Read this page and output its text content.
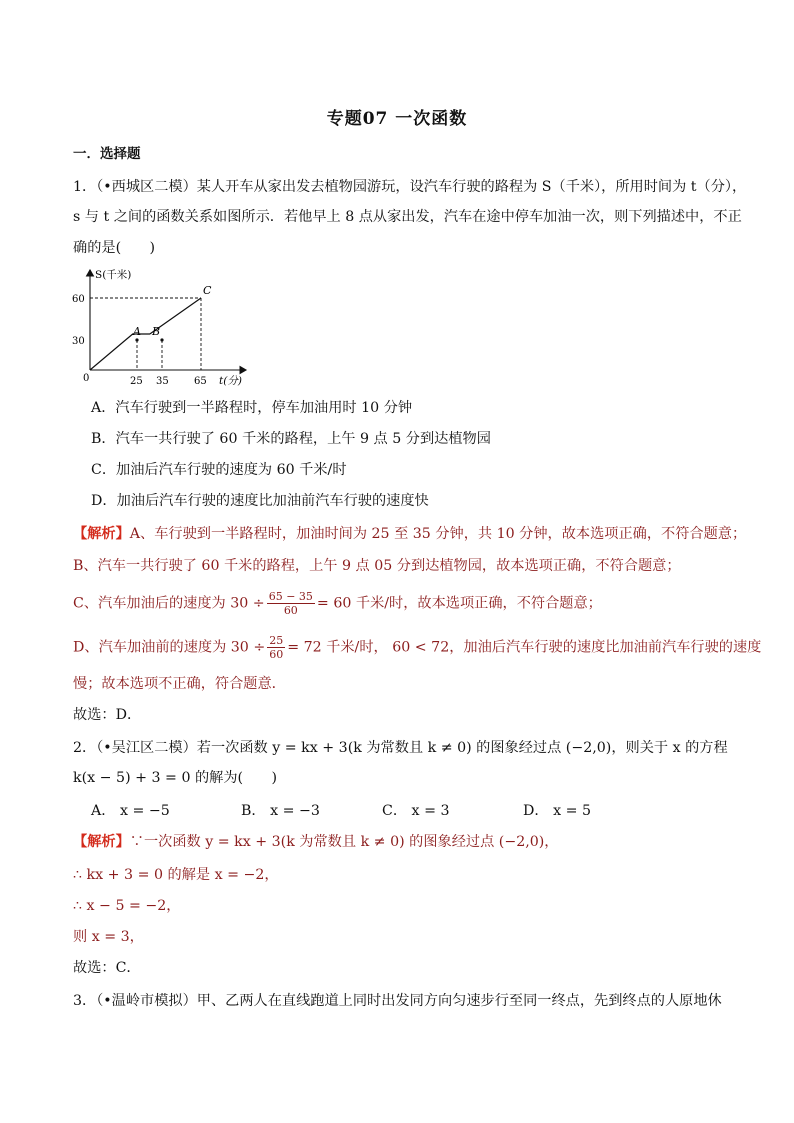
专题07 一次函数
一．选择题
1．（•西城区二模）某人开车从家出发去植物园游玩，设汽车行驶的路程为 S（千米），所用时间为 t（分），
s 与 t 之间的函数关系如图所示．若他早上 8 点从家出发，汽车在途中停车加油一次，则下列描述中，不正
确的是(　　)
S(千米)
t(分)
0
60
30
25 35	65
A B
C
A．汽车行驶到一半路程时，停车加油用时 10 分钟
B．汽车一共行驶了 60 千米的路程，上午 9 点 5 分到达植物园
C．加油后汽车行驶的速度为 60 千米/时
D．加油后汽车行驶的速度比加油前汽车行驶的速度快
【解析】A、车行驶到一半路程时，加油时间为 25 至 35 分钟，共 10 分钟，故本选项正确，不符合题意；
B、汽车一共行驶了 60 千米的路程，上午 9 点 05 分到达植物园，故本选项正确，不符合题意；
C、汽车加油后的速度为 $30 \div \frac{65 - 35}{60} = 60$ 千米/时，故本选项正确，不符合题意；
D、汽车加油前的速度为 $30 \div \frac{25}{60} = 72$ 千米/时， 60 < 72，加油后汽车行驶的速度比加油前汽车行驶的速度
慢；故本选项不正确，符合题意．
故选：D．
2．（•吴江区二模）若一次函数 y = kx + 3(k 为常数且 k ≠ 0) 的图象经过点 (−2,0)，则关于 x 的方程
k(x − 5) + 3 = 0 的解为(　　)
A． x = −5	B． x = −3	C． x = 3	D． x = 5
【解析】∵一次函数 y = kx + 3(k 为常数且 k ≠ 0) 的图象经过点 (−2,0)，
∴ kx + 3 = 0 的解是 x = −2，
∴ x − 5 = −2，
则 x = 3，
故选：C．
3．（•温岭市模拟）甲、乙两人在直线跑道上同时出发同方向匀速步行至同一终点，先到终点的人原地休
